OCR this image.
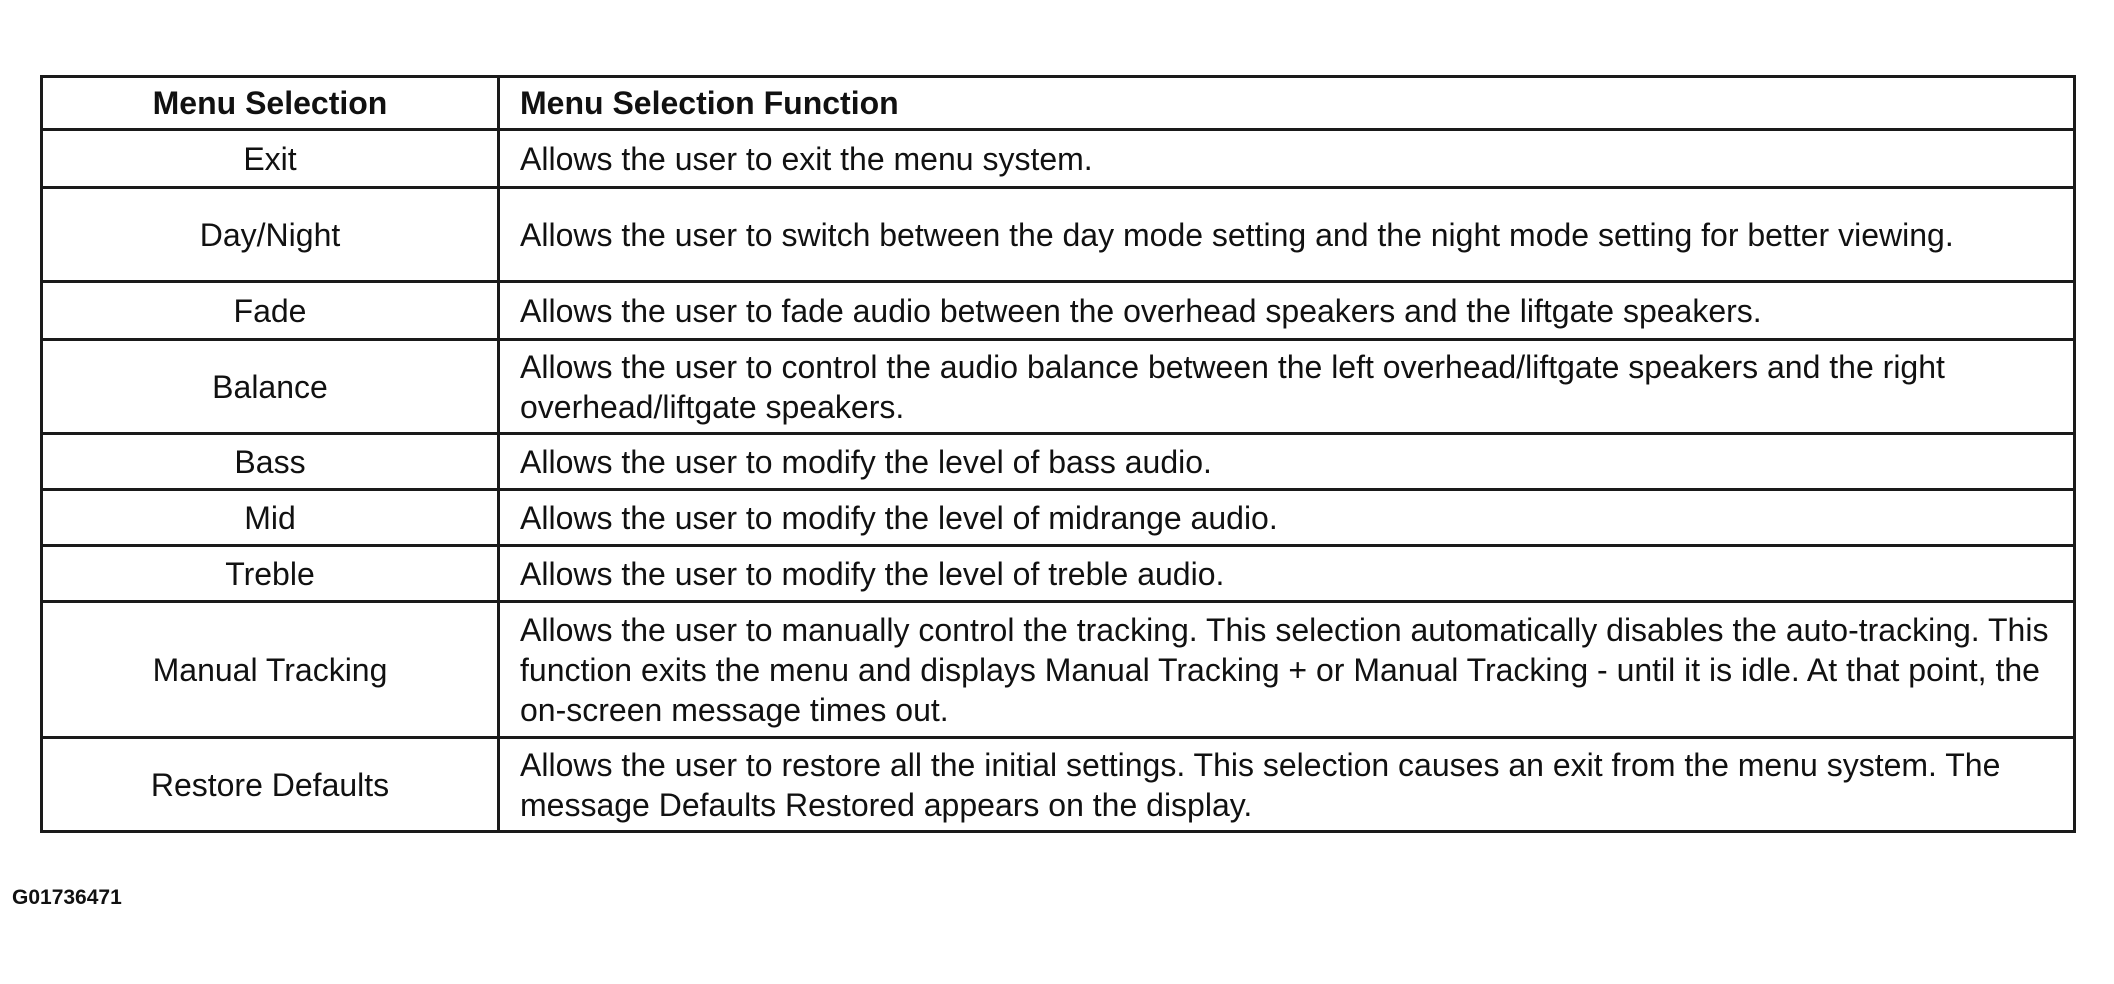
Menu Selection	Menu Selection Function
Exit	Allows the user to exit the menu system.
Day/Night	Allows the user to switch between the day mode setting and the night mode setting for better viewing.
Fade	Allows the user to fade audio between the overhead speakers and the liftgate speakers.
Balance	Allows the user to control the audio balance between the left overhead/liftgate speakers and the right overhead/liftgate speakers.
Bass	Allows the user to modify the level of bass audio.
Mid	Allows the user to modify the level of midrange audio.
Treble	Allows the user to modify the level of treble audio.
Manual Tracking	Allows the user to manually control the tracking. This selection automatically disables the auto-tracking. This function exits the menu and displays Manual Tracking + or Manual Tracking - until it is idle. At that point, the on-screen message times out.
Restore Defaults	Allows the user to restore all the initial settings. This selection causes an exit from the menu system. The message Defaults Restored appears on the display.
G01736471
